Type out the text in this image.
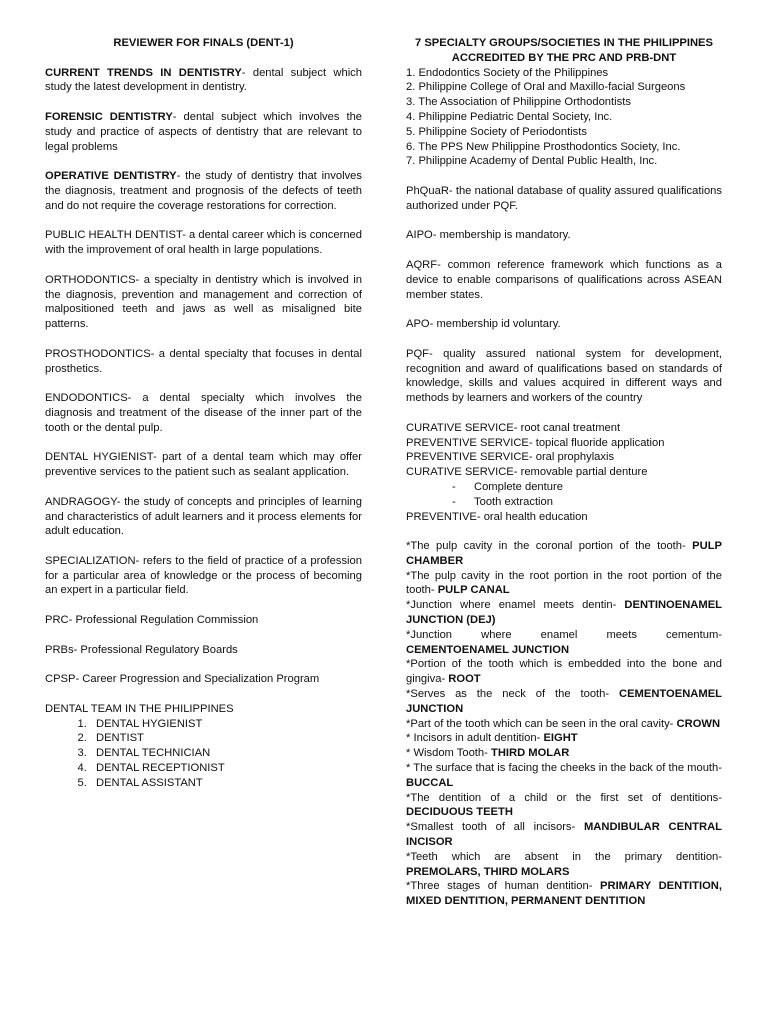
REVIEWER FOR FINALS (DENT-1)

CURRENT TRENDS IN DENTISTRY- dental subject which study the latest development in dentistry.

FORENSIC DENTISTRY- dental subject which involves the study and practice of aspects of dentistry that are relevant to legal problems

OPERATIVE DENTISTRY- the study of dentistry that involves the diagnosis, treatment and prognosis of the defects of teeth and do not require the coverage restorations for correction.

PUBLIC HEALTH DENTIST- a dental career which is concerned with the improvement of oral health in large populations.

ORTHODONTICS- a specialty in dentistry which is involved in the diagnosis, prevention and management and correction of malpositioned teeth and jaws as well as misaligned bite patterns.

PROSTHODONTICS- a dental specialty that focuses in dental prosthetics.

ENDODONTICS- a dental specialty which involves the diagnosis and treatment of the disease of the inner part of the tooth or the dental pulp.

DENTAL HYGIENIST- part of a dental team which may offer preventive services to the patient such as sealant application.

ANDRAGOGY- the study of concepts and principles of learning and characteristics of adult learners and it process elements for adult education.

SPECIALIZATION- refers to the field of practice of a profession for a particular area of knowledge or the process of becoming an expert in a particular field.

PRC- Professional Regulation Commission

PRBs- Professional Regulatory Boards

CPSP- Career Progression and Specialization Program

DENTAL TEAM IN THE PHILIPPINES
1. DENTAL HYGIENIST
2. DENTIST
3. DENTAL TECHNICIAN
4. DENTAL RECEPTIONIST
5. DENTAL ASSISTANT
7 SPECIALTY GROUPS/SOCIETIES IN THE PHILIPPINES
ACCREDITED BY THE PRC AND PRB-DNT
1. Endodontics Society of the Philippines
2. Philippine College of Oral and Maxillo-facial Surgeons
3. The Association of Philippine Orthodontists
4. Philippine Pediatric Dental Society, Inc.
5. Philippine Society of Periodontists
6. The PPS New Philippine Prosthodontics Society, Inc.
7. Philippine Academy of Dental Public Health, Inc.

PhQuaR- the national database of quality assured qualifications authorized under PQF.

AIPO- membership is mandatory.

AQRF- common reference framework which functions as a device to enable comparisons of qualifications across ASEAN member states.

APO- membership id voluntary.

PQF- quality assured national system for development, recognition and award of qualifications based on standards of knowledge, skills and values acquired in different ways and methods by learners and workers of the country

CURATIVE SERVICE- root canal treatment
PREVENTIVE SERVICE- topical fluoride application
PREVENTIVE SERVICE- oral prophylaxis
CURATIVE SERVICE- removable partial denture
- Complete denture
- Tooth extraction
PREVENTIVE- oral health education
*The pulp cavity in the coronal portion of the tooth- PULP CHAMBER
*The pulp cavity in the root portion in the root portion of the tooth- PULP CANAL
*Junction where enamel meets dentin- DENTINOENAMEL JUNCTION (DEJ)
*Junction where enamel meets cementum- CEMENTOENAMEL JUNCTION
*Portion of the tooth which is embedded into the bone and gingiva- ROOT
*Serves as the neck of the tooth- CEMENTOENAMEL JUNCTION
*Part of the tooth which can be seen in the oral cavity- CROWN
* Incisors in adult dentition- EIGHT
* Wisdom Tooth- THIRD MOLAR
* The surface that is facing the cheeks in the back of the mouth- BUCCAL
*The dentition of a child or the first set of dentitions- DECIDUOUS TEETH
*Smallest tooth of all incisors- MANDIBULAR CENTRAL INCISOR
*Teeth which are absent in the primary dentition- PREMOLARS, THIRD MOLARS
*Three stages of human dentition- PRIMARY DENTITION, MIXED DENTITION, PERMANENT DENTITION
